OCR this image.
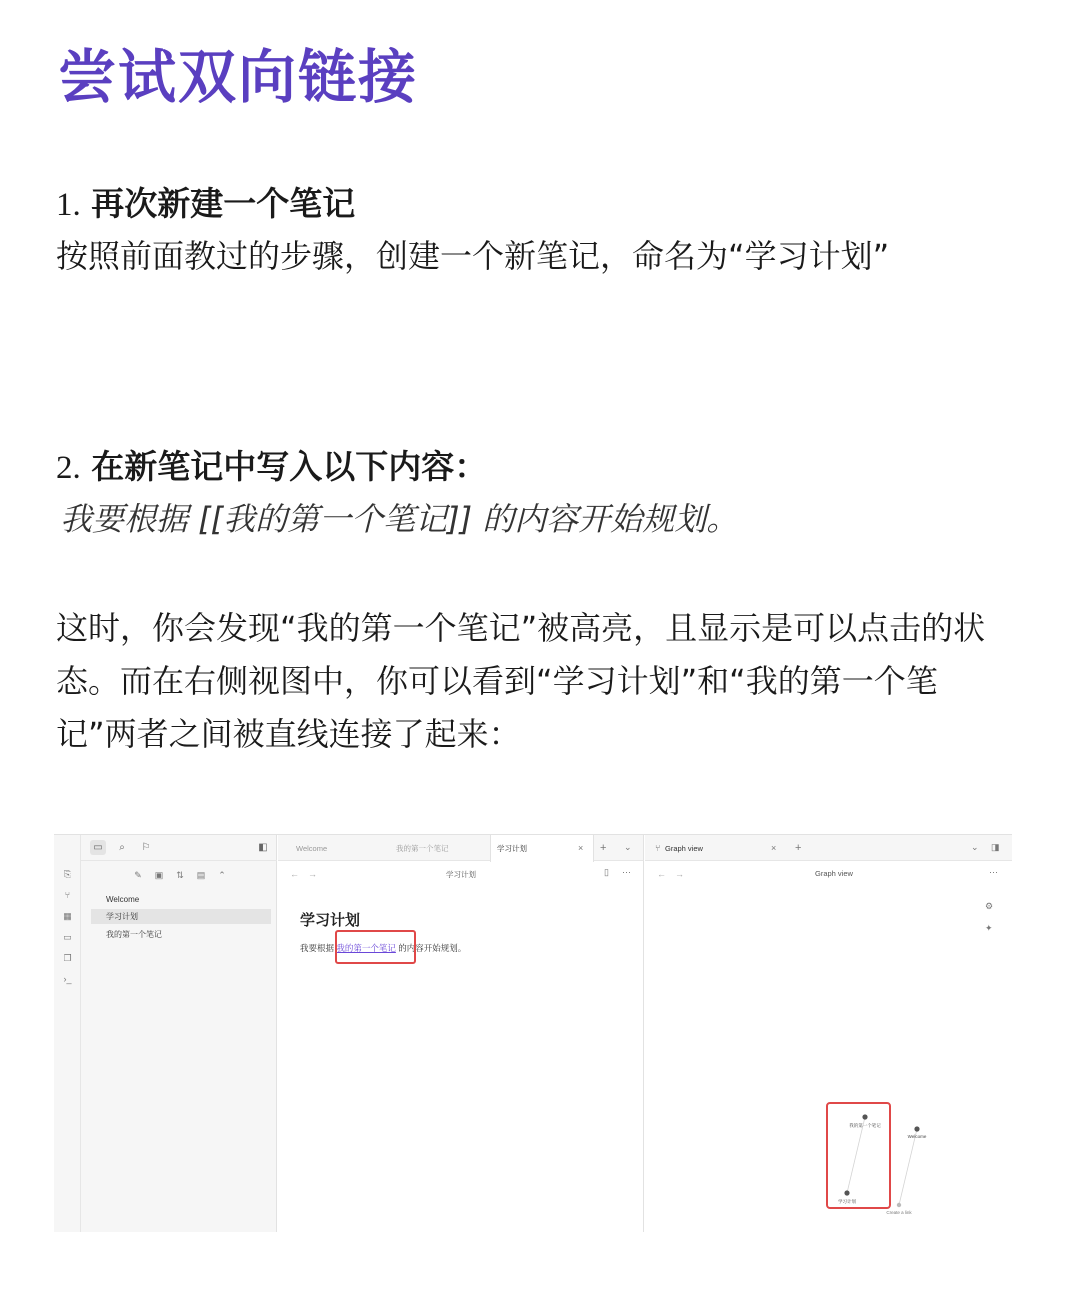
尝试双向链接
1. 再次新建一个笔记
按照前面教过的步骤，创建一个新笔记，命名为“学习计划”
2. 在新笔记中写入以下内容：
我要根据 [[我的第一个笔记]] 的内容开始规划。
这时，你会发现“我的第一个笔记”被高亮，且显示是可以点击的状态。而在右侧视图中，你可以看到“学习计划”和“我的第一个笔记”两者之间被直线连接了起来：
⎘
⑂
▦
▭
❐
›_
▭	⌕	⚐	◧
✎ ▣ ⇅ ▤ ⌃
Welcome
学习计划
我的第一个笔记
Welcome	我的第一个笔记	学习计划	× + ⌄
← →	学习计划	▯ ⋯
学习计划
我要根据 我的第一个笔记 的内容开始规划。
⑂ Graph view	× +	⌄ ◨
← →	Graph view	⋯
⚙
✦
我的第一个笔记
学习计划
Welcome
Create a link
